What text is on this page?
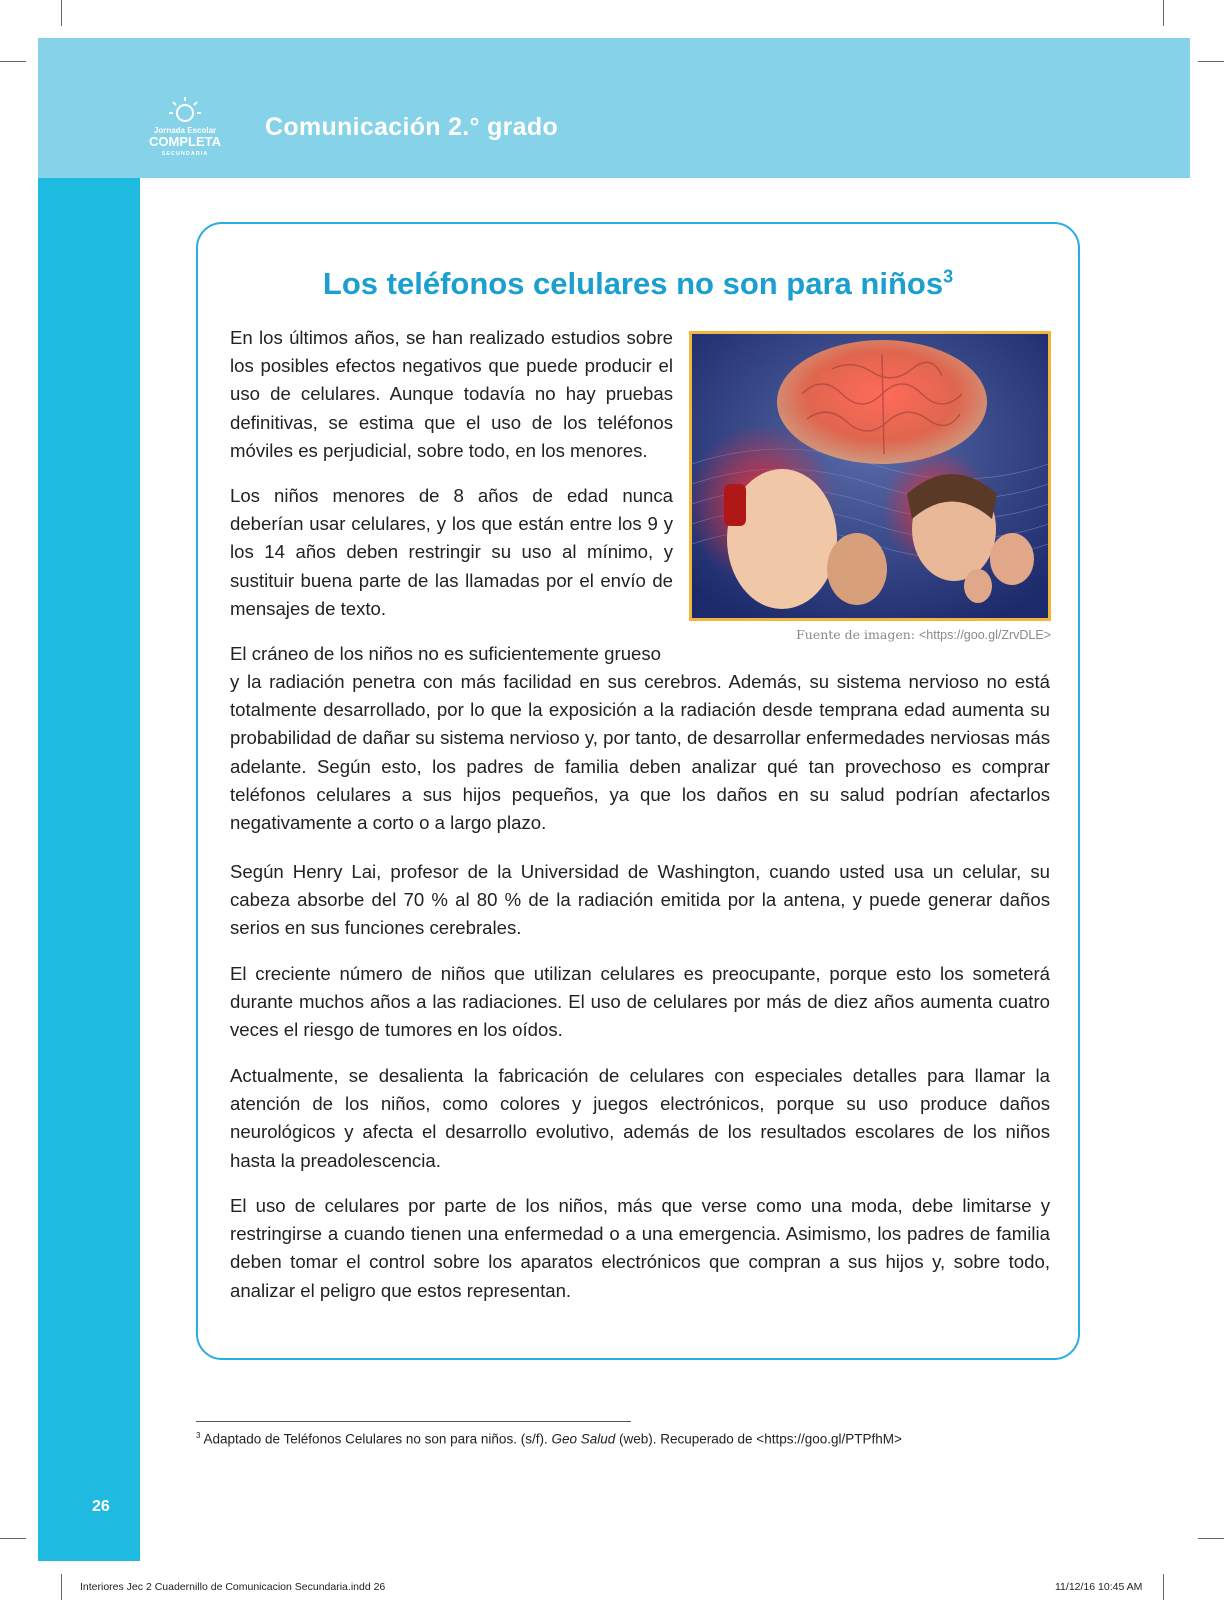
Jornada Escolar
COMPLETA
SECUNDARIA
Comunicación 2.° grado
Los teléfonos celulares no son para niños$^3$

En los últimos años, se han realizado estudios sobre los posibles efectos negativos que puede producir el uso de celulares. Aunque todavía no hay pruebas definitivas, se estima que el uso de los teléfonos móviles es perjudicial, sobre todo, en los menores.

Los niños menores de 8 años de edad nunca deberían usar celulares, y los que están entre los 9 y los 14 años deben restringir su uso al mínimo, y sustituir buena parte de las llamadas por el envío de mensajes de texto.

El cráneo de los niños no es suficientemente grueso

y la radiación penetra con más facilidad en sus cerebros. Además, su sistema nervioso no está totalmente desarrollado, por lo que la exposición a la radiación desde temprana edad aumenta su probabilidad de dañar su sistema nervioso y, por tanto, de desarrollar enfermedades nerviosas más adelante. Según esto, los padres de familia deben analizar qué tan provechoso es comprar teléfonos celulares a sus hijos pequeños, ya que los daños en su salud podrían afectarlos negativamente a corto o a largo plazo.

Según Henry Lai, profesor de la Universidad de Washington, cuando usted usa un celular, su cabeza absorbe del 70 % al 80 % de la radiación emitida por la antena, y puede generar daños serios en sus funciones cerebrales.

El creciente número de niños que utilizan celulares es preocupante, porque esto los someterá durante muchos años a las radiaciones. El uso de celulares por más de diez años aumenta cuatro veces el riesgo de tumores en los oídos.

Actualmente, se desalienta la fabricación de celulares con especiales detalles para llamar la atención de los niños, como colores y juegos electrónicos, porque su uso produce daños neurológicos y afecta el desarrollo evolutivo, además de los resultados escolares de los niños hasta la preadolescencia.

El uso de celulares por parte de los niños, más que verse como una moda, debe limitarse y restringirse a cuando tienen una enfermedad o a una emergencia. Asimismo, los padres de familia deben tomar el control sobre los aparatos electrónicos que compran a sus hijos y, sobre todo, analizar el peligro que estos representan.

Fuente de imagen: <https://goo.gl/ZrvDLE>
$^3$ Adaptado de Teléfonos Celulares no son para niños. (s/f). Geo Salud (web). Recuperado de <https://goo.gl/PTPfhM>
26
Interiores Jec 2 Cuadernillo de Comunicacion Secundaria.indd 26	11/12/16 10:45 AM
